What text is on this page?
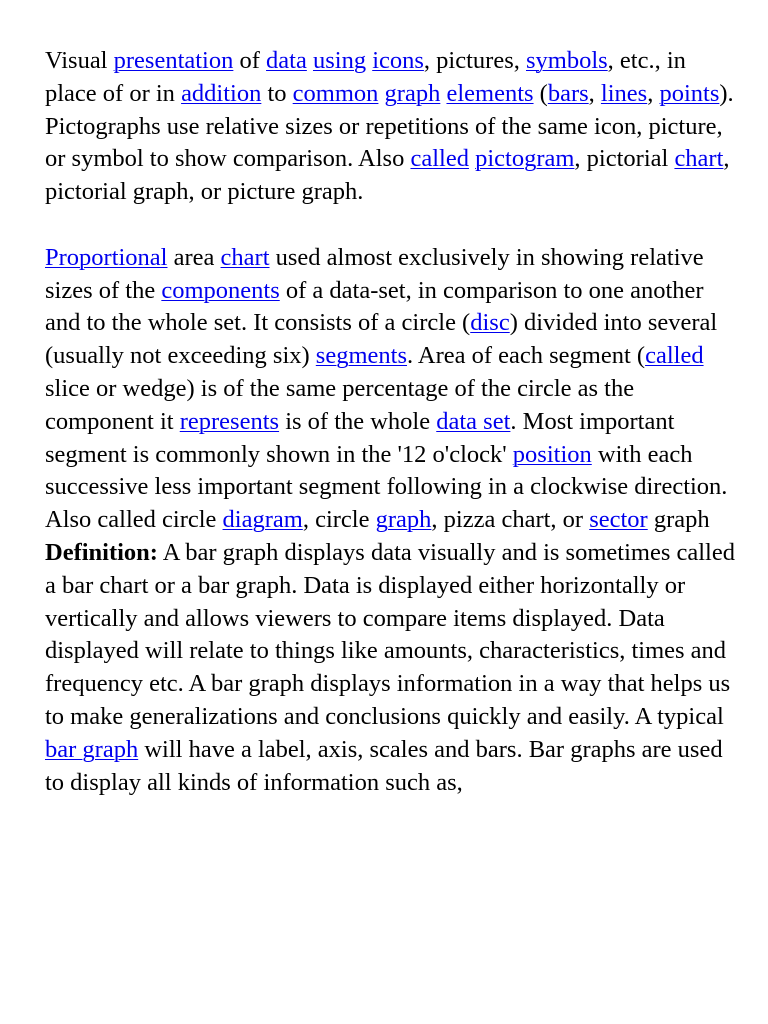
Visual presentation of data using icons, pictures, symbols, etc., in place of or in addition to common graph elements (bars, lines, points). Pictographs use relative sizes or repetitions of the same icon, picture, or symbol to show comparison. Also called pictogram, pictorial chart, pictorial graph, or picture graph.

Proportional area chart used almost exclusively in showing relative sizes of the components of a data-set, in comparison to one another and to the whole set. It consists of a circle (disc) divided into several (usually not exceeding six) segments. Area of each segment (called slice or wedge) is of the same percentage of the circle as the component it represents is of the whole data set. Most important segment is commonly shown in the '12 o'clock' position with each successive less important segment following in a clockwise direction. Also called circle diagram, circle graph, pizza chart, or sector graph

Definition: A bar graph displays data visually and is sometimes called a bar chart or a bar graph. Data is displayed either horizontally or vertically and allows viewers to compare items displayed. Data displayed will relate to things like amounts, characteristics, times and frequency etc. A bar graph displays information in a way that helps us to make generalizations and conclusions quickly and easily. A typical bar graph will have a label, axis, scales and bars. Bar graphs are used to display all kinds of information such as,
